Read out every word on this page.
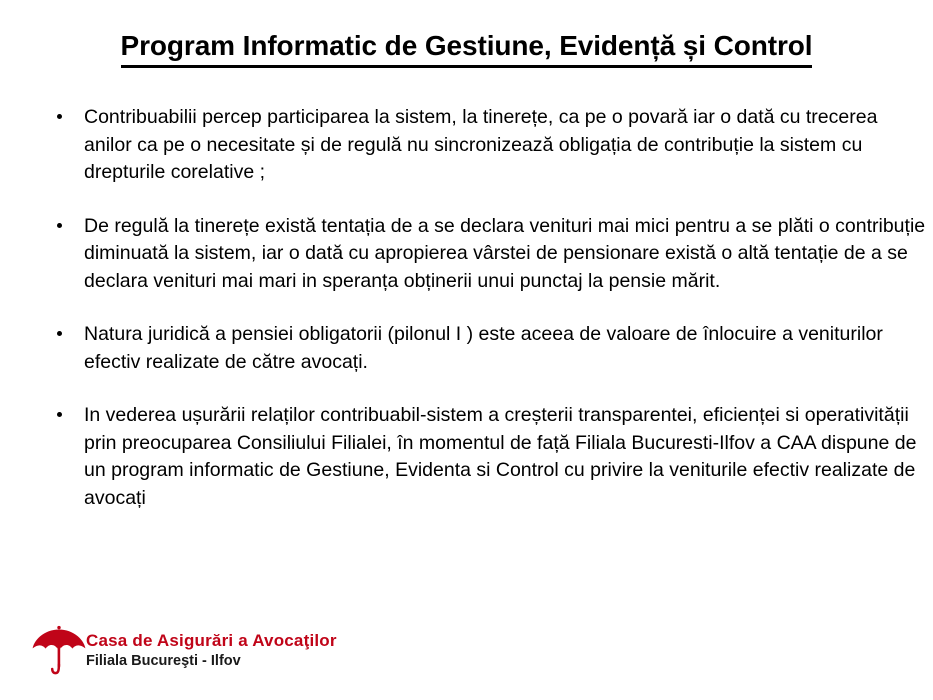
Program Informatic de Gestiune, Evidență și Control
Contribuabilii percep participarea la sistem, la tinerețe, ca pe o povară iar o dată cu trecerea anilor ca pe o necesitate și de regulă nu sincronizează obligația de contribuție la sistem cu drepturile corelative ;
De regulă la tinerețe există tentația de a se declara venituri mai mici pentru a se plăti o contribuție diminuată la sistem, iar o dată cu apropierea vârstei de pensionare există o altă tentație de a se declara venituri mai mari in speranța obținerii unui punctaj la pensie mărit.
Natura juridică a pensiei obligatorii (pilonul I ) este aceea de valoare de înlocuire a veniturilor efectiv realizate de către avocați.
In vederea ușurării relaților contribuabil-sistem a creșterii transparentei, eficienței si operativității prin preocuparea Consiliului Filialei, în momentul de față Filiala Bucuresti-Ilfov a CAA dispune de un program informatic de Gestiune, Evidenta si Control cu privire la veniturile efectiv realizate de avocați
Casa de Asigurări a Avocaţilor Filiala Bucureşti - Ilfov
